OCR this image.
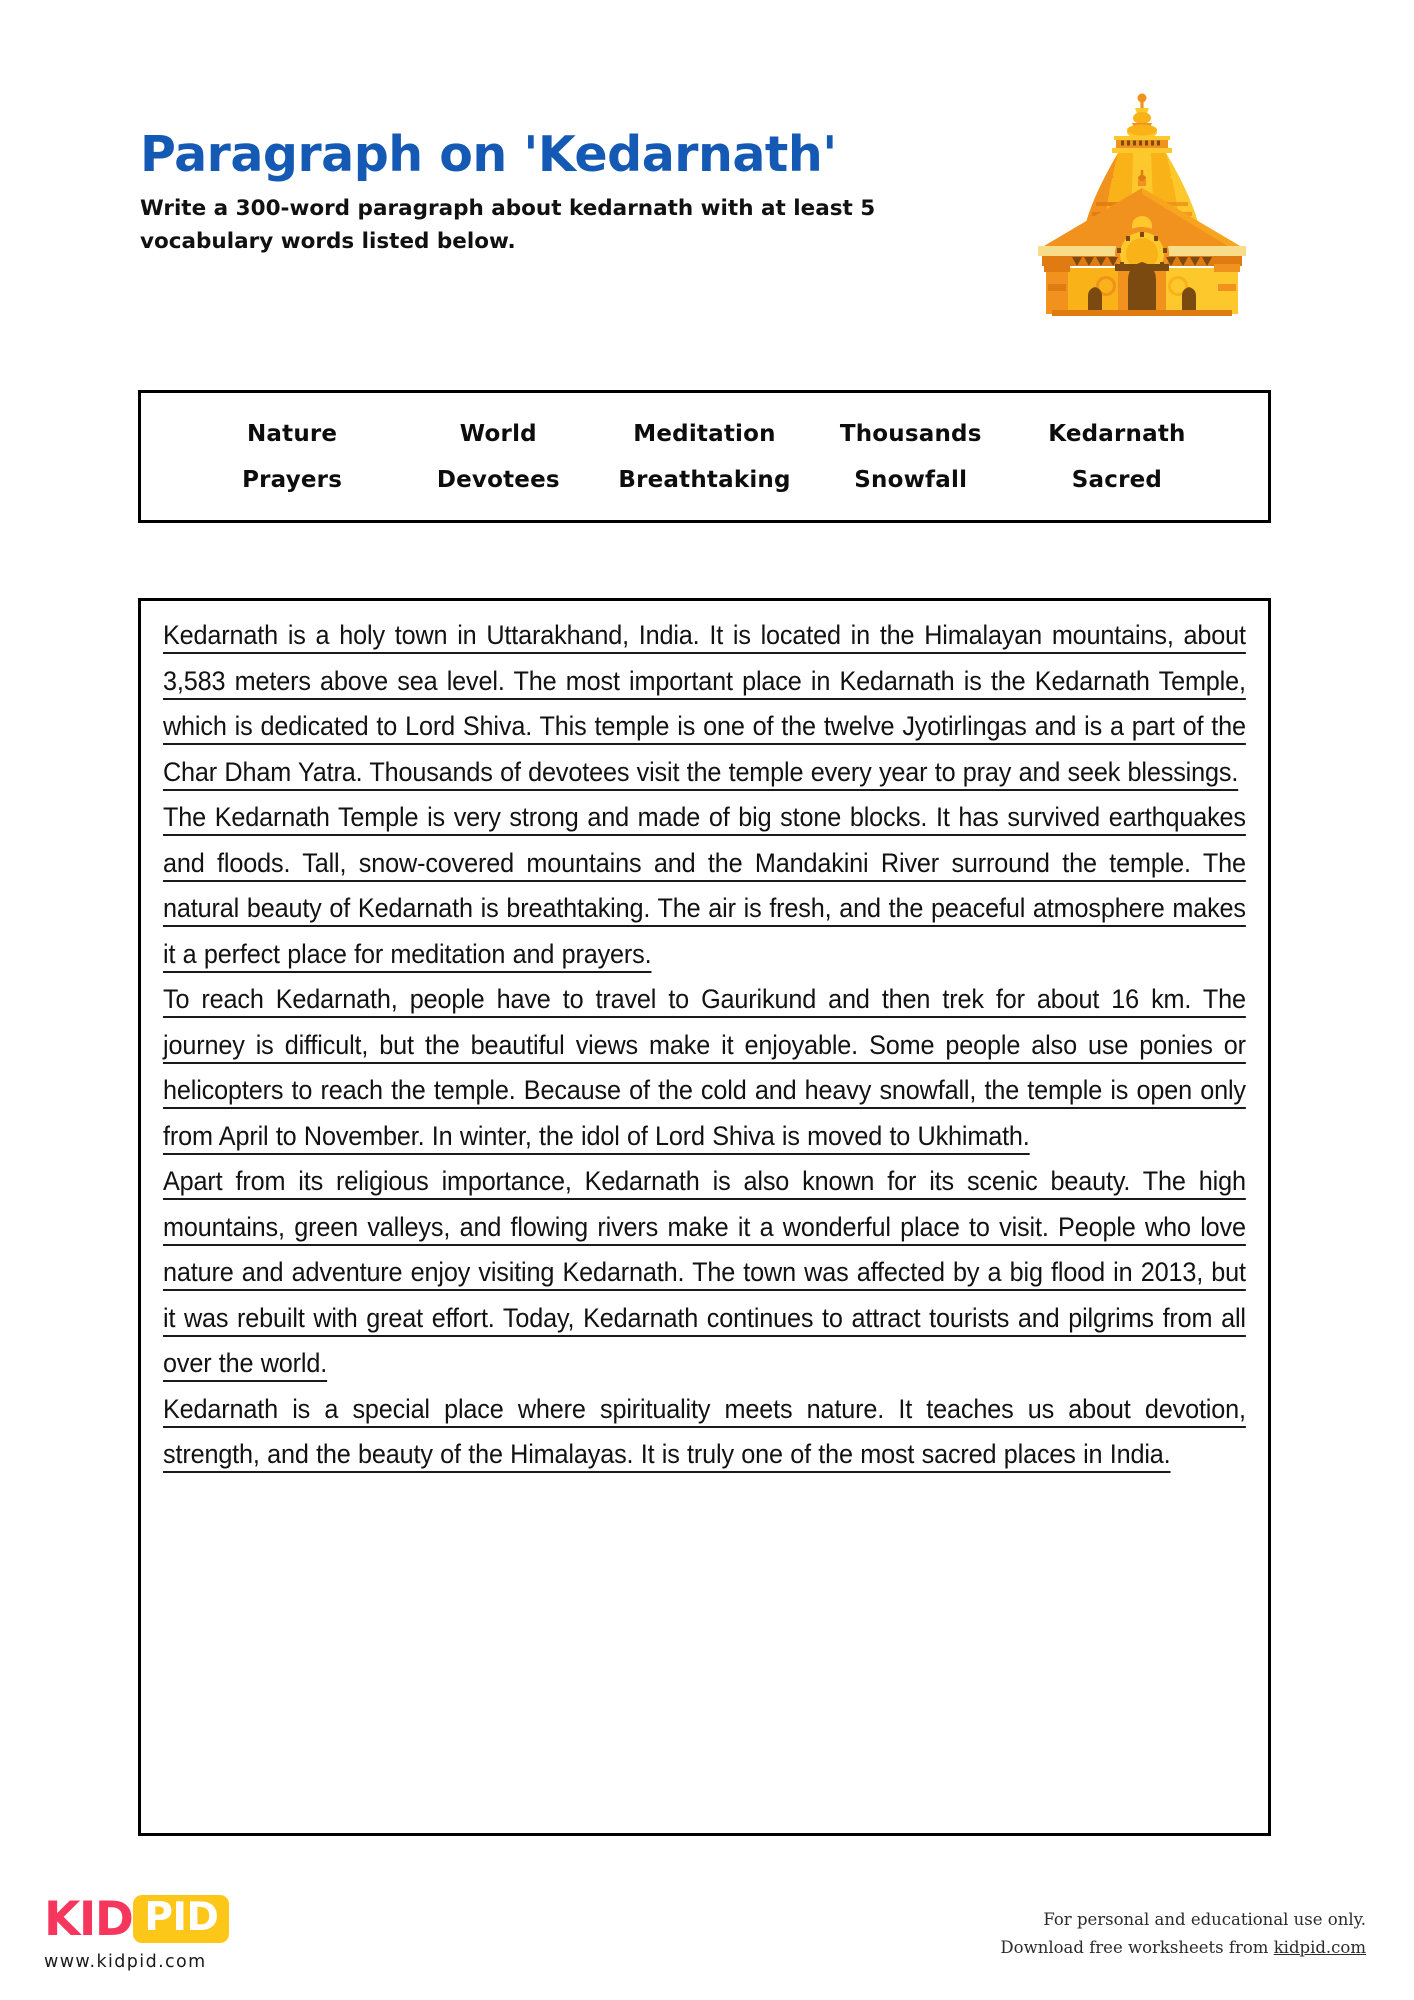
Paragraph on 'Kedarnath'

Write a 300-word paragraph about kedarnath with at least 5 vocabulary words listed below.

Nature	World	Meditation	Thousands	Kedarnath
Prayers	Devotees	Breathtaking	Snowfall	Sacred

Kedarnath is a holy town in Uttarakhand, India. It is located in the Himalayan mountains, about 3,583 meters above sea level. The most important place in Kedarnath is the Kedarnath Temple, which is dedicated to Lord Shiva. This temple is one of the twelve Jyotirlingas and is a part of the Char Dham Yatra. Thousands of devotees visit the temple every year to pray and seek blessings.

The Kedarnath Temple is very strong and made of big stone blocks. It has survived earthquakes and floods. Tall, snow-covered mountains and the Mandakini River surround the temple. The natural beauty of Kedarnath is breathtaking. The air is fresh, and the peaceful atmosphere makes it a perfect place for meditation and prayers.

To reach Kedarnath, people have to travel to Gaurikund and then trek for about 16 km. The journey is difficult, but the beautiful views make it enjoyable. Some people also use ponies or helicopters to reach the temple. Because of the cold and heavy snowfall, the temple is open only from April to November. In winter, the idol of Lord Shiva is moved to Ukhimath.

Apart from its religious importance, Kedarnath is also known for its scenic beauty. The high mountains, green valleys, and flowing rivers make it a wonderful place to visit. People who love nature and adventure enjoy visiting Kedarnath. The town was affected by a big flood in 2013, but it was rebuilt with great effort. Today, Kedarnath continues to attract tourists and pilgrims from all over the world.

Kedarnath is a special place where spirituality meets nature. It teaches us about devotion, strength, and the beauty of the Himalayas. It is truly one of the most sacred places in India.

KID PID
www.kidpid.com
For personal and educational use only.
Download free worksheets from kidpid.com
